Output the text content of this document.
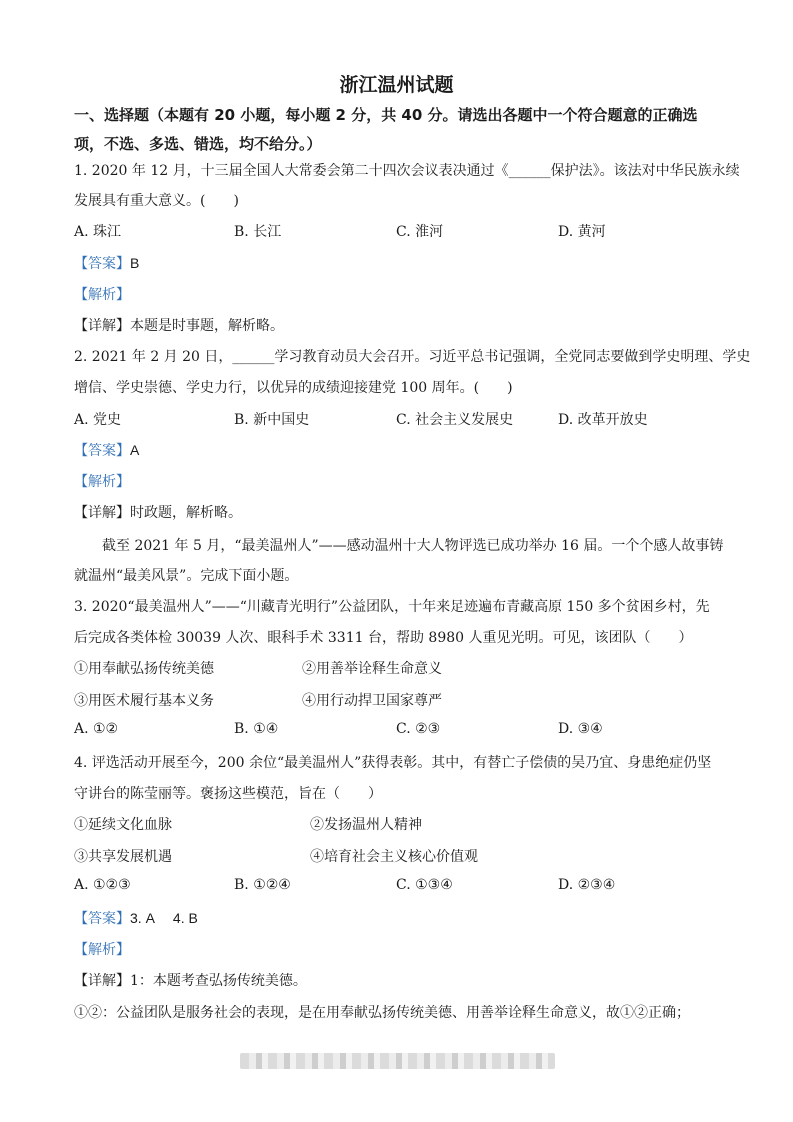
浙江温州试题
一、选择题（本题有 20 小题，每小题 2 分，共 40 分。请选出各题中一个符合题意的正确选
项，不选、多选、错选，均不给分。）
1. 2020 年 12 月，十三届全国人大常委会第二十四次会议表决通过《______保护法》。该法对中华民族永续
发展具有重大意义。(　　)
A. 珠江	B. 长江	C. 淮河	D. 黄河
【答案】B
【解析】
【详解】本题是时事题，解析略。
2. 2021 年 2 月 20 日，______学习教育动员大会召开。习近平总书记强调，全党同志要做到学史明理、学史
增信、学史崇德、学史力行，以优异的成绩迎接建党 100 周年。(　　)
A. 党史	B. 新中国史	C. 社会主义发展史	D. 改革开放史
【答案】A
【解析】
【详解】时政题，解析略。
截至 2021 年 5 月，“最美温州人”——感动温州十大人物评选已成功举办 16 届。一个个感人故事铸
就温州“最美风景”。完成下面小题。
3. 2020“最美温州人”——“川藏青光明行”公益团队，十年来足迹遍布青藏高原 150 多个贫困乡村，先
后完成各类体检 30039 人次、眼科手术 3311 台，帮助 8980 人重见光明。可见，该团队（　　）
①用奉献弘扬传统美德	②用善举诠释生命意义
③用医术履行基本义务	④用行动捍卫国家尊严
A. ①②	B. ①④	C. ②③	D. ③④
4. 评选活动开展至今，200 余位“最美温州人”获得表彰。其中，有替亡子偿债的吴乃宜、身患绝症仍坚
守讲台的陈莹丽等。褒扬这些模范，旨在（　　）
①延续文化血脉	②发扬温州人精神
③共享发展机遇	④培育社会主义核心价值观
A. ①②③	B. ①②④	C. ①③④	D. ②③④
【答案】3. A 4. B
【解析】
【详解】1：本题考查弘扬传统美德。
①②：公益团队是服务社会的表现，是在用奉献弘扬传统美德、用善举诠释生命意义，故①②正确；
